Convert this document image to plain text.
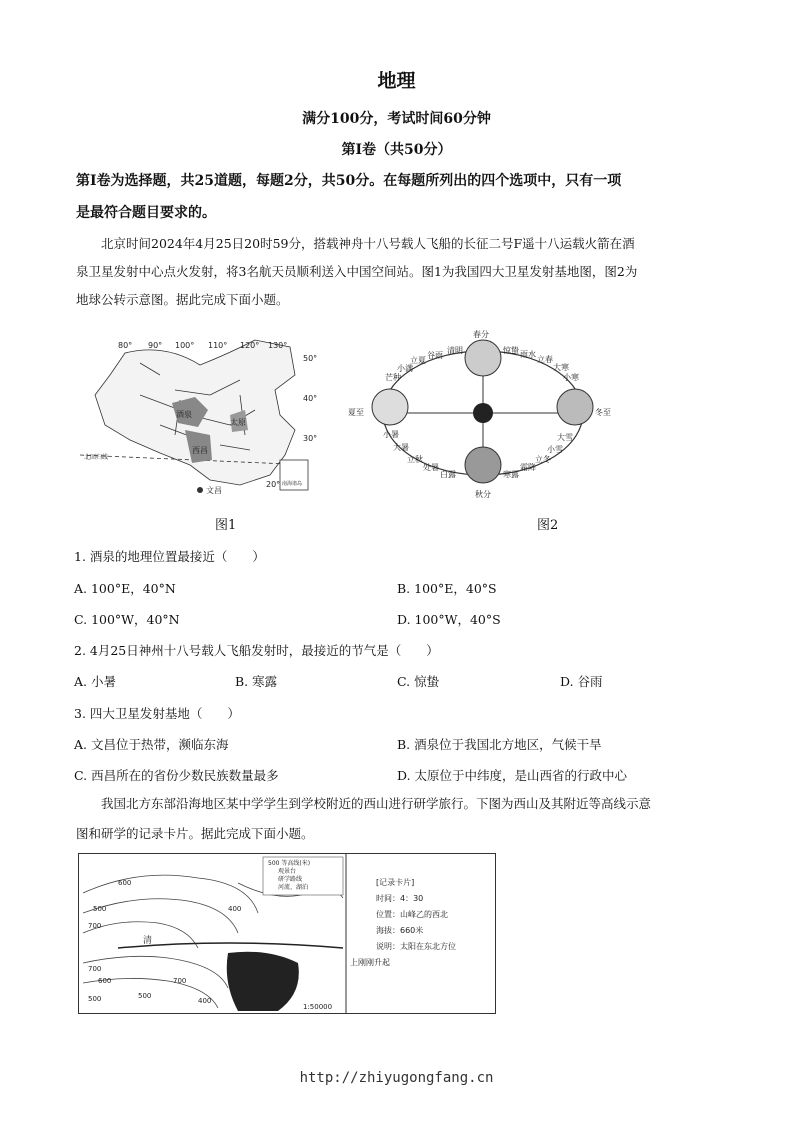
地理
满分100分，考试时间60分钟
第Ⅰ卷（共50分）
第Ⅰ卷为选择题，共25道题，每题2分，共50分。在每题所列出的四个选项中，只有一项
是最符合题目要求的。
北京时间2024年4月25日20时59分，搭载神舟十八号载人飞船的长征二号F遥十八运载火箭在酒
泉卫星发射中心点火发射，将3名航天员顺利送入中国空间站。图1为我国四大卫星发射基地图，图2为
地球公转示意图。据此完成下面小题。
80° 90° 100° 110° 120° 130°
50°
40°
30°
20°
酒泉
太原
西昌
文昌
北回归线
南海诸岛
图1
春分
夏至
秋分
冬至
清明
谷雨
立夏
小满
芒种
小暑
大暑
立秋
处暑
白露	寒露
霜降
立冬
小雪
大雪
小寒
大寒
立春
雨水
惊蛰
图2
1. 酒泉的地理位置最接近（　　）
A. 100°E，40°N	B. 100°E，40°S
C. 100°W，40°N	D. 100°W，40°S
2. 4月25日神州十八号载人飞船发射时，最接近的节气是（　　）
A. 小暑	B. 寒露	C. 惊蛰	D. 谷雨
3. 四大卫星发射基地（　　）
A. 文昌位于热带，濒临东海	B. 酒泉位于我国北方地区，气候干旱
C. 西昌所在的省份少数民族数量最多	D. 太原位于中纬度，是山西省的行政中心
我国北方东部沿海地区某中学学生到学校附近的西山进行研学旅行。下图为西山及其附近等高线示意
图和研学的记录卡片。据此完成下面小题。
500 等高线(米)
观景台
研学路线
河流、湖泊
600
500	400
700
700
600
500
700
500
400
清
1:50000
[记录卡片]
时间：4：30
位置：山峰乙的西北
海拔：660米
说明：太阳在东北方位
上刚刚升起
http://zhiyugongfang.cn
